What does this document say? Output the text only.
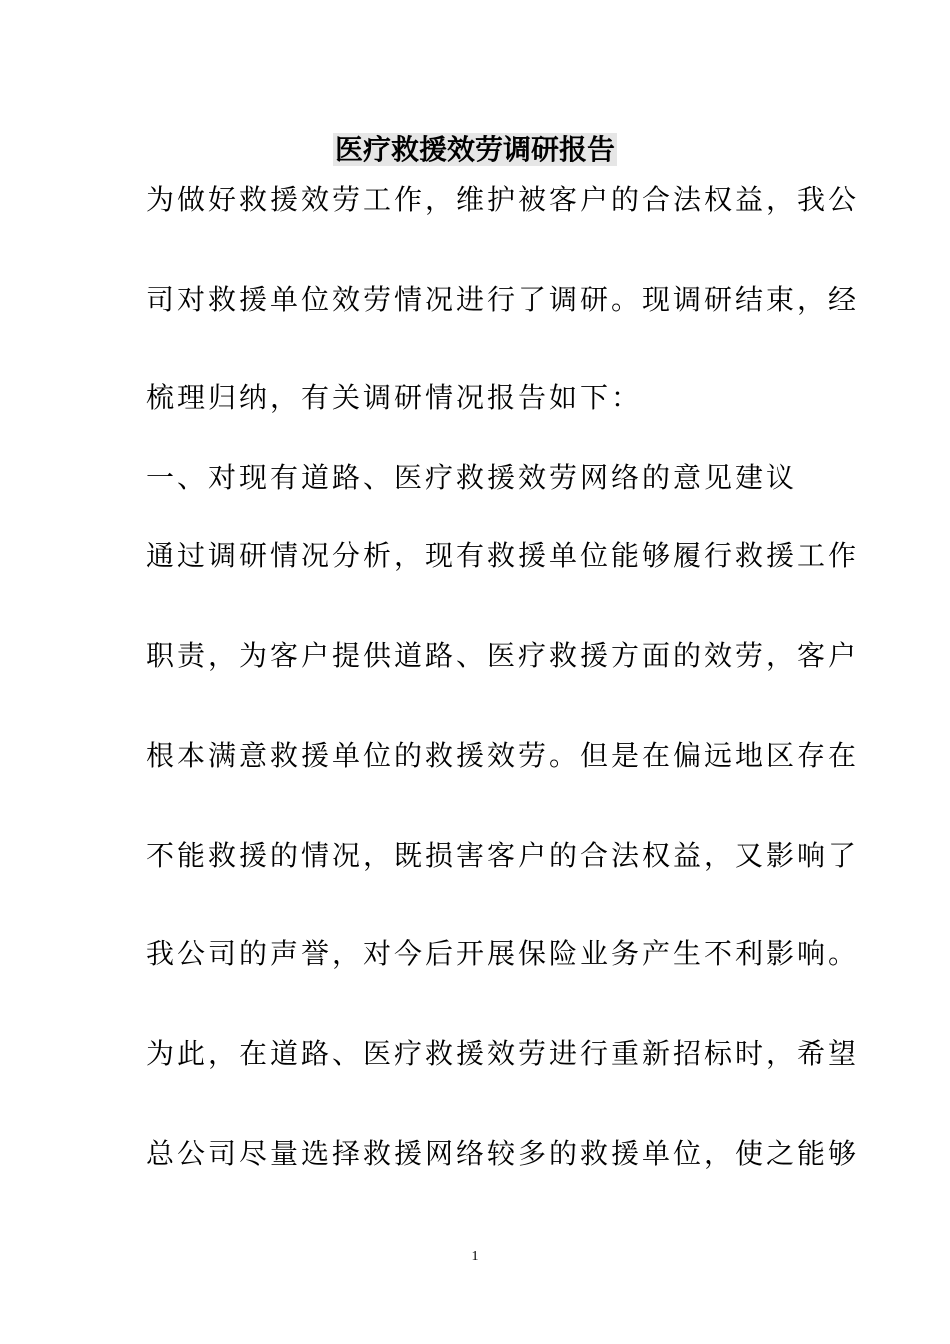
医疗救援效劳调研报告

为做好救援效劳工作，维护被客户的合法权益，我公

司对救援单位效劳情况进行了调研。现调研结束，经

梳理归纳，有关调研情况报告如下：

一、对现有道路、医疗救援效劳网络的意见建议

通过调研情况分析，现有救援单位能够履行救援工作

职责，为客户提供道路、医疗救援方面的效劳，客户

根本满意救援单位的救援效劳。但是在偏远地区存在

不能救援的情况，既损害客户的合法权益，又影响了

我公司的声誉，对今后开展保险业务产生不利影响。

为此，在道路、医疗救援效劳进行重新招标时，希望

总公司尽量选择救援网络较多的救援单位，使之能够

1
